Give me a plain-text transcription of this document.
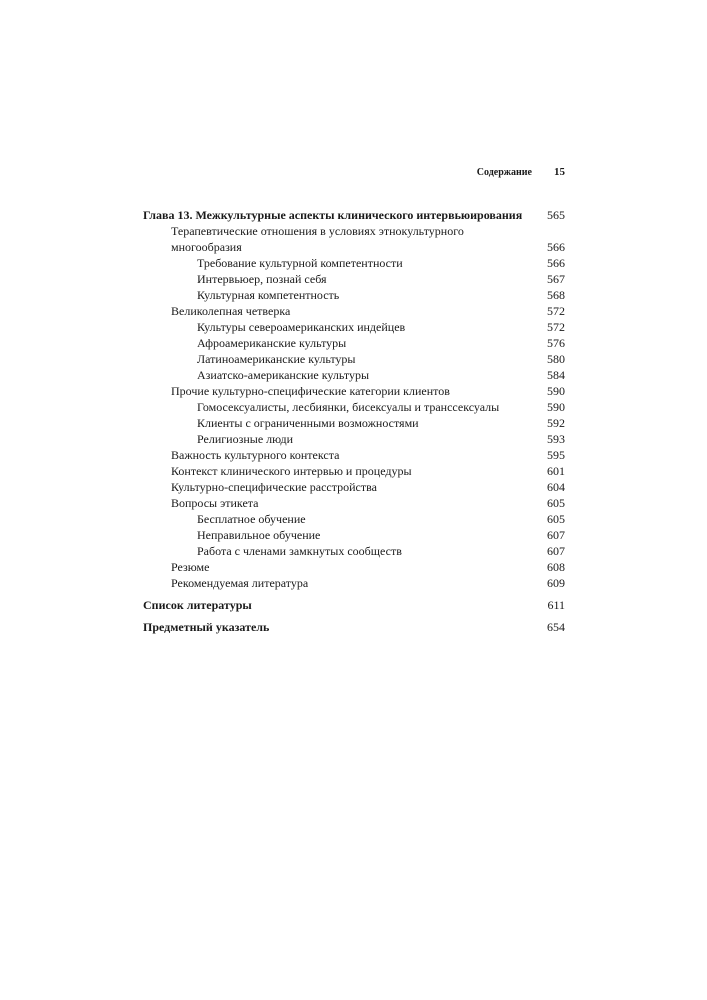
Содержание 15
Глава 13. Межкультурные аспекты клинического интервьюирования	565
Терапевтические отношения в условиях этнокультурного
многообразия	566
Требование культурной компетентности	566
Интервьюер, познай себя	567
Культурная компетентность	568
Великолепная четверка	572
Культуры североамериканских индейцев	572
Афроамериканские культуры	576
Латиноамериканские культуры	580
Азиатско-американские культуры	584
Прочие культурно-специфические категории клиентов	590
Гомосексуалисты, лесбиянки, бисексуалы и транссексуалы	590
Клиенты с ограниченными возможностями	592
Религиозные люди	593
Важность культурного контекста	595
Контекст клинического интервью и процедуры	601
Культурно-специфические расстройства	604
Вопросы этикета	605
Бесплатное обучение	605
Неправильное обучение	607
Работа с членами замкнутых сообществ	607
Резюме	608
Рекомендуемая литература	609
Список литературы	611
Предметный указатель	654
